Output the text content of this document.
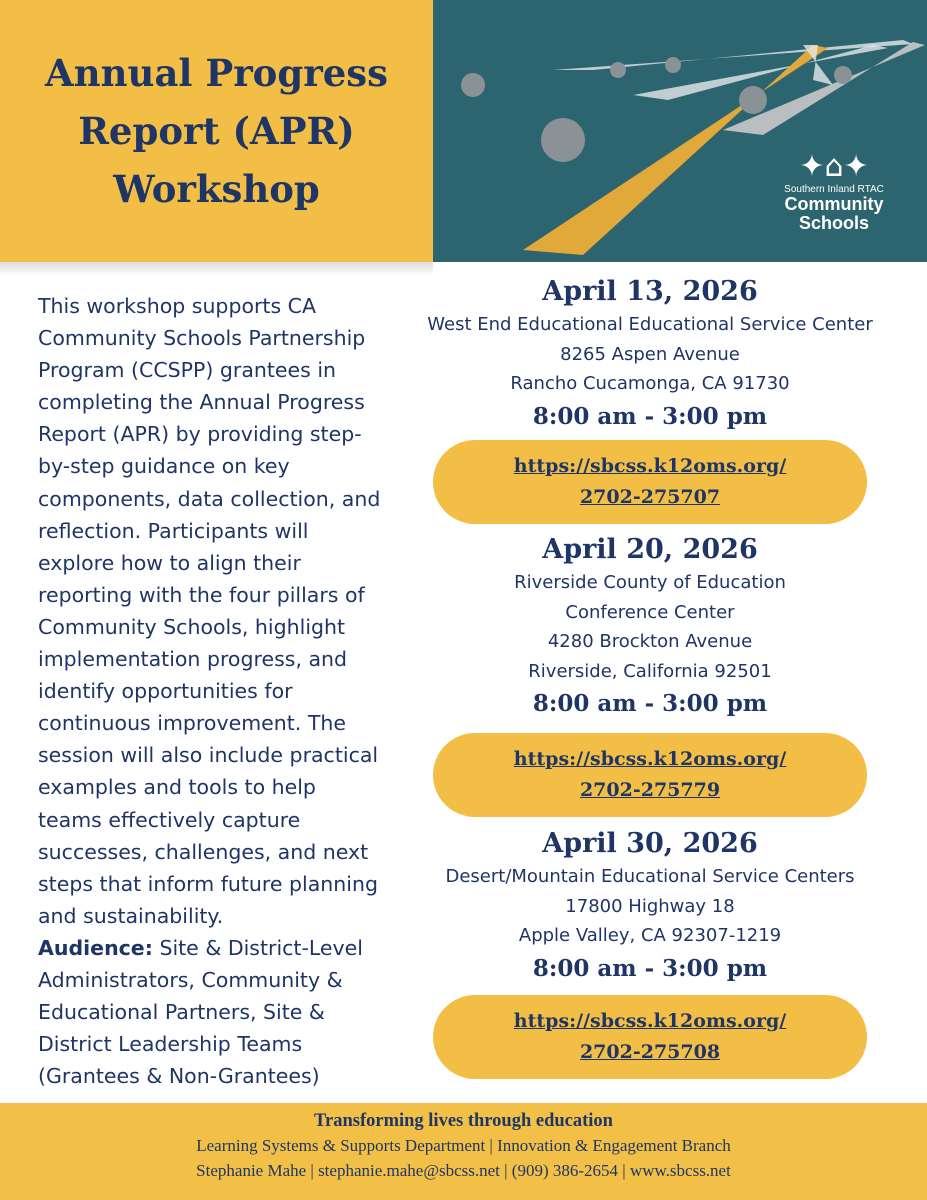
Annual Progress
Report (APR)
Workshop
✦⌂✦
Southern Inland RTAC
Community
Schools
This workshop supports CA Community Schools Partnership Program (CCSPP) grantees in completing the Annual Progress Report (APR) by providing step-by-step guidance on key components, data collection, and reflection. Participants will explore how to align their reporting with the four pillars of Community Schools, highlight implementation progress, and identify opportunities for continuous improvement. The session will also include practical examples and tools to help teams effectively capture successes, challenges, and next steps that inform future planning and sustainability.
Audience: Site & District-Level Administrators, Community & Educational Partners, Site & District Leadership Teams (Grantees & Non-Grantees)
April 13, 2026
West End Educational Educational Service Center
8265 Aspen Avenue
Rancho Cucamonga, CA 91730
8:00 am - 3:00 pm
https://sbcss.k12oms.org/
2702-275707
April 20, 2026
Riverside County of Education
Conference Center
4280 Brockton Avenue
Riverside, California 92501
8:00 am - 3:00 pm
https://sbcss.k12oms.org/
2702-275779
April 30, 2026
Desert/Mountain Educational Service Centers
17800 Highway 18
Apple Valley, CA 92307-1219
8:00 am - 3:00 pm
https://sbcss.k12oms.org/
2702-275708
Transforming lives through education
Learning Systems & Supports Department | Innovation & Engagement Branch
Stephanie Mahe | stephanie.mahe@sbcss.net | (909) 386-2654 | www.sbcss.net
